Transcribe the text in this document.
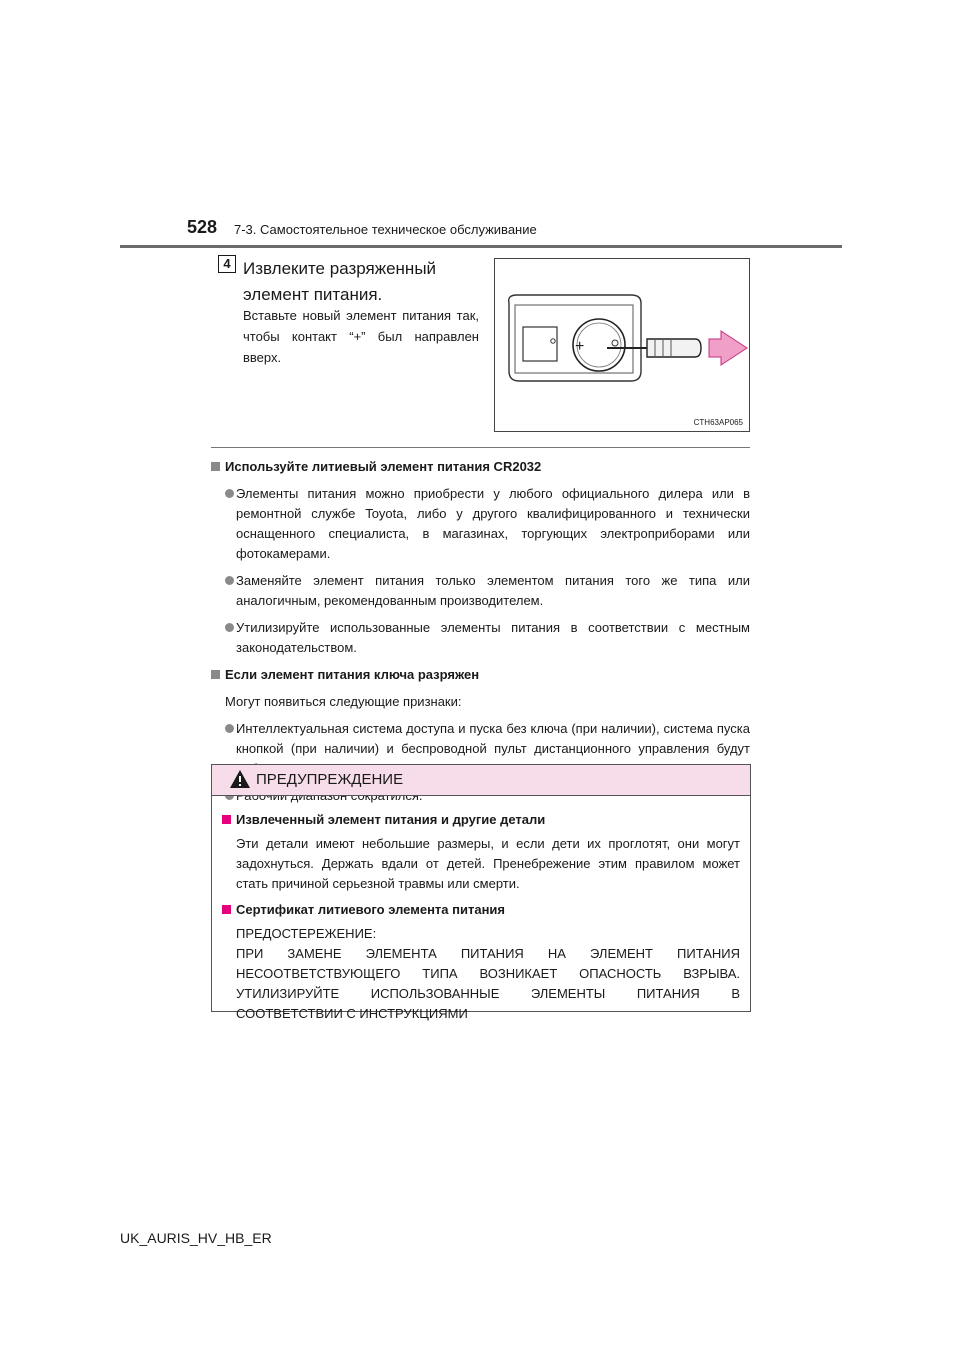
528 7-3. Самостоятельное техническое обслуживание
4 Извлеките разряженный элемент питания.
Вставьте новый элемент питания так, чтобы контакт “+” был направлен вверх.
+
CTH63AP065
Используйте литиевый элемент питания CR2032
Элементы питания можно приобрести у любого официального дилера или в ремонтной службе Toyota, либо у другого квалифицированного и технически оснащенного специалиста, в магазинах, торгующих электроприборами или фотокамерами.
Заменяйте элемент питания только элементом питания того же типа или аналогичным, рекомендованным производителем.
Утилизируйте использованные элементы питания в соответствии с местным законодательством.
Если элемент питания ключа разряжен
Могут появиться следующие признаки:
Интеллектуальная система доступа и пуска без ключа (при наличии), система пуска кнопкой (при наличии) и беспроводной пульт дистанционного управления будут
ПРЕДУПРЕЖДЕНИЕ
Извлеченный элемент питания и другие детали
Эти детали имеют небольшие размеры, и если дети их проглотят, они могут задохнуться. Держать вдали от детей. Пренебрежение этим правилом может стать причиной серьезной травмы или смерти.
Сертификат литиевого элемента питания
ПРЕДОСТЕРЕЖЕНИЕ:
ПРИ ЗАМЕНЕ ЭЛЕМЕНТА ПИТАНИЯ НА ЭЛЕМЕНТ ПИТАНИЯ
НЕСООТВЕТСТВУЮЩЕГО ТИПА ВОЗНИКАЕТ ОПАСНОСТЬ ВЗРЫВА.
УТИЛИЗИРУЙТЕ ИСПОЛЬЗОВАННЫЕ ЭЛЕМЕНТЫ ПИТАНИЯ В
СООТВЕТСТВИИ С ИНСТРУКЦИЯМИ
UK_AURIS_HV_HB_ER
